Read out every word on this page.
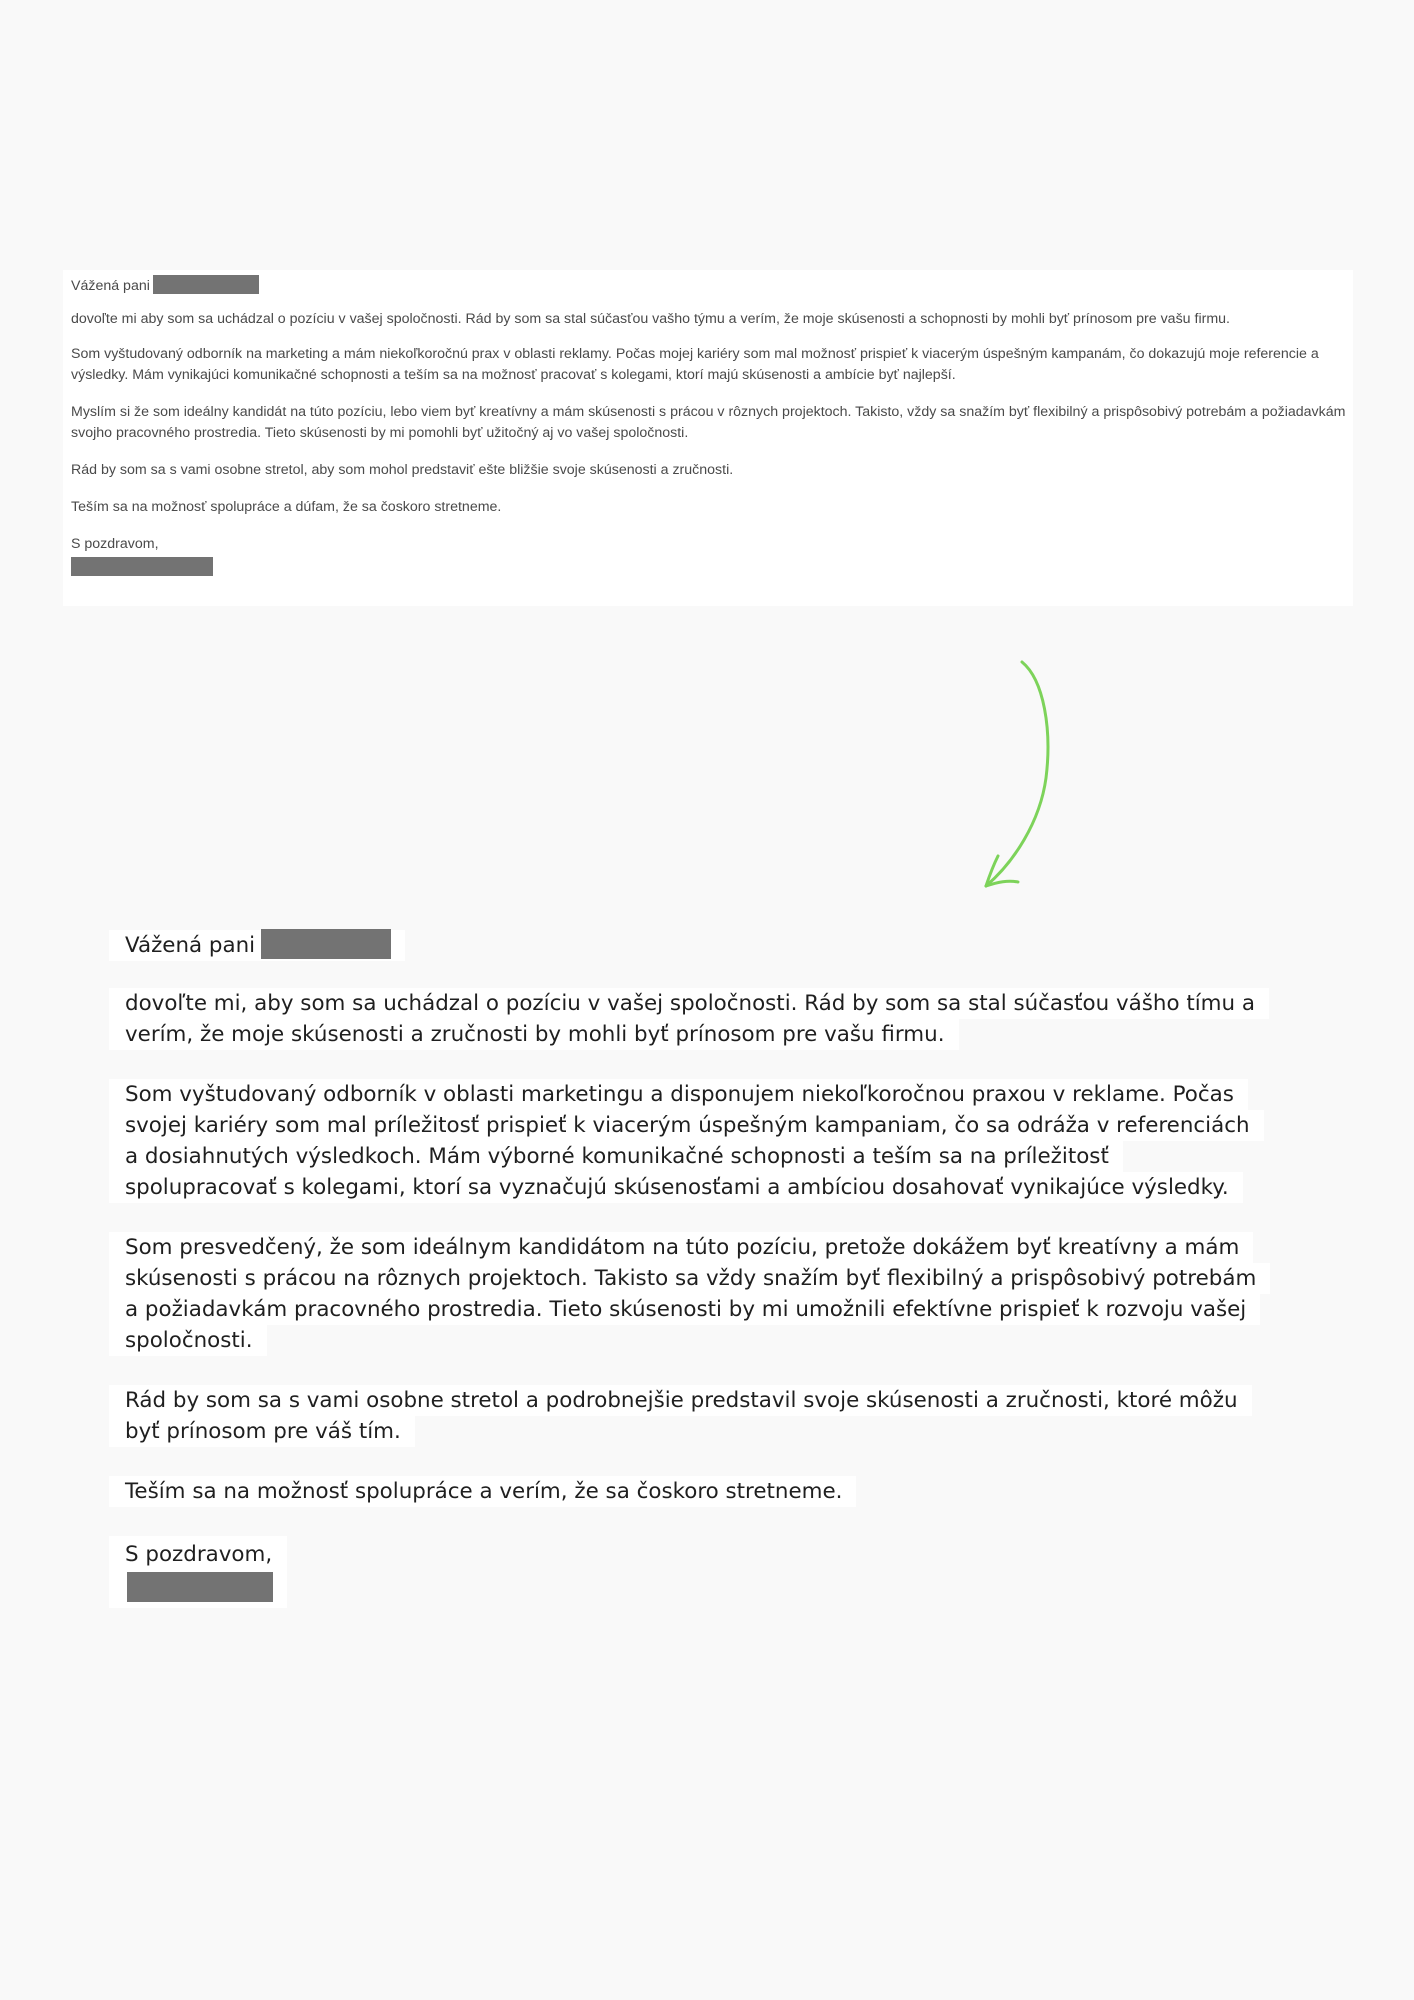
Vážená pani

dovoľte mi aby som sa uchádzal o pozíciu v vašej spoločnosti. Rád by som sa stal súčasťou vašho týmu a verím, že moje skúsenosti a schopnosti by mohli byť prínosom pre vašu firmu.

Som vyštudovaný odborník na marketing a mám niekoľkoročnú prax v oblasti reklamy. Počas mojej kariéry som mal možnosť prispieť k viacerým úspešným kampanám, čo dokazujú moje referencie a výsledky. Mám vynikajúci komunikačné schopnosti a teším sa na možnosť pracovať s kolegami, ktorí majú skúsenosti a ambície byť najlepší.

Myslím si že som ideálny kandidát na túto pozíciu, lebo viem byť kreatívny a mám skúsenosti s prácou v rôznych projektoch. Takisto, vždy sa snažím byť flexibilný a prispôsobivý potrebám a požiadavkám svojho pracovného prostredia. Tieto skúsenosti by mi pomohli byť užitočný aj vo vašej spoločnosti.

Rád by som sa s vami osobne stretol, aby som mohol predstaviť ešte bližšie svoje skúsenosti a zručnosti.

Teším sa na možnosť spolupráce a dúfam, že sa čoskoro stretneme.

S pozdravom,

Vážená pani

dovoľte mi, aby som sa uchádzal o pozíciu v vašej spoločnosti. Rád by som sa stal súčasťou vášho tímu a verím, že moje skúsenosti a zručnosti by mohli byť prínosom pre vašu firmu.

Som vyštudovaný odborník v oblasti marketingu a disponujem niekoľkoročnou praxou v reklame. Počas svojej kariéry som mal príležitosť prispieť k viacerým úspešným kampaniam, čo sa odráža v referenciách a dosiahnutých výsledkoch. Mám výborné komunikačné schopnosti a teším sa na príležitosť spolupracovať s kolegami, ktorí sa vyznačujú skúsenosťami a ambíciou dosahovať vynikajúce výsledky.

Som presvedčený, že som ideálnym kandidátom na túto pozíciu, pretože dokážem byť kreatívny a mám skúsenosti s prácou na rôznych projektoch. Takisto sa vždy snažím byť flexibilný a prispôsobivý potrebám a požiadavkám pracovného prostredia. Tieto skúsenosti by mi umožnili efektívne prispieť k rozvoju vašej spoločnosti.

Rád by som sa s vami osobne stretol a podrobnejšie predstavil svoje skúsenosti a zručnosti, ktoré môžu byť prínosom pre váš tím.

Teším sa na možnosť spolupráce a verím, že sa čoskoro stretneme.

S pozdravom,
